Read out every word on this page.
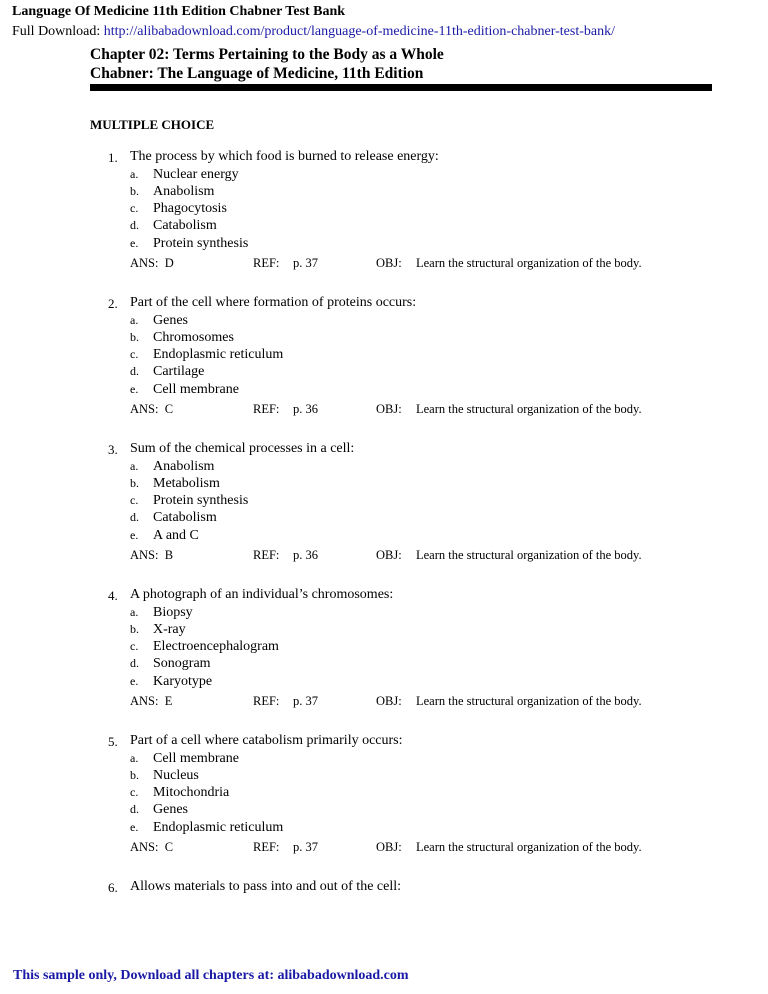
Language Of Medicine 11th Edition Chabner Test Bank
Full Download: http://alibabadownload.com/product/language-of-medicine-11th-edition-chabner-test-bank/
Chapter 02: Terms Pertaining to the Body as a Whole
Chabner: The Language of Medicine, 11th Edition
MULTIPLE CHOICE
1. The process by which food is burned to release energy:
a. Nuclear energy
b. Anabolism
c. Phagocytosis
d. Catabolism
e. Protein synthesis
ANS:  D	REF: p. 37	OBJ: Learn the structural organization of the body.
2. Part of the cell where formation of proteins occurs:
a. Genes
b. Chromosomes
c. Endoplasmic reticulum
d. Cartilage
e. Cell membrane
ANS:  C	REF: p. 36	OBJ: Learn the structural organization of the body.
3. Sum of the chemical processes in a cell:
a. Anabolism
b. Metabolism
c. Protein synthesis
d. Catabolism
e. A and C
ANS:  B	REF: p. 36	OBJ: Learn the structural organization of the body.
4. A photograph of an individual’s chromosomes:
a. Biopsy
b. X-ray
c. Electroencephalogram
d. Sonogram
e. Karyotype
ANS:  E	REF: p. 37	OBJ: Learn the structural organization of the body.
5. Part of a cell where catabolism primarily occurs:
a. Cell membrane
b. Nucleus
c. Mitochondria
d. Genes
e. Endoplasmic reticulum
ANS:  C	REF: p. 37	OBJ: Learn the structural organization of the body.
6. Allows materials to pass into and out of the cell:
This sample only, Download all chapters at: alibabadownload.com
